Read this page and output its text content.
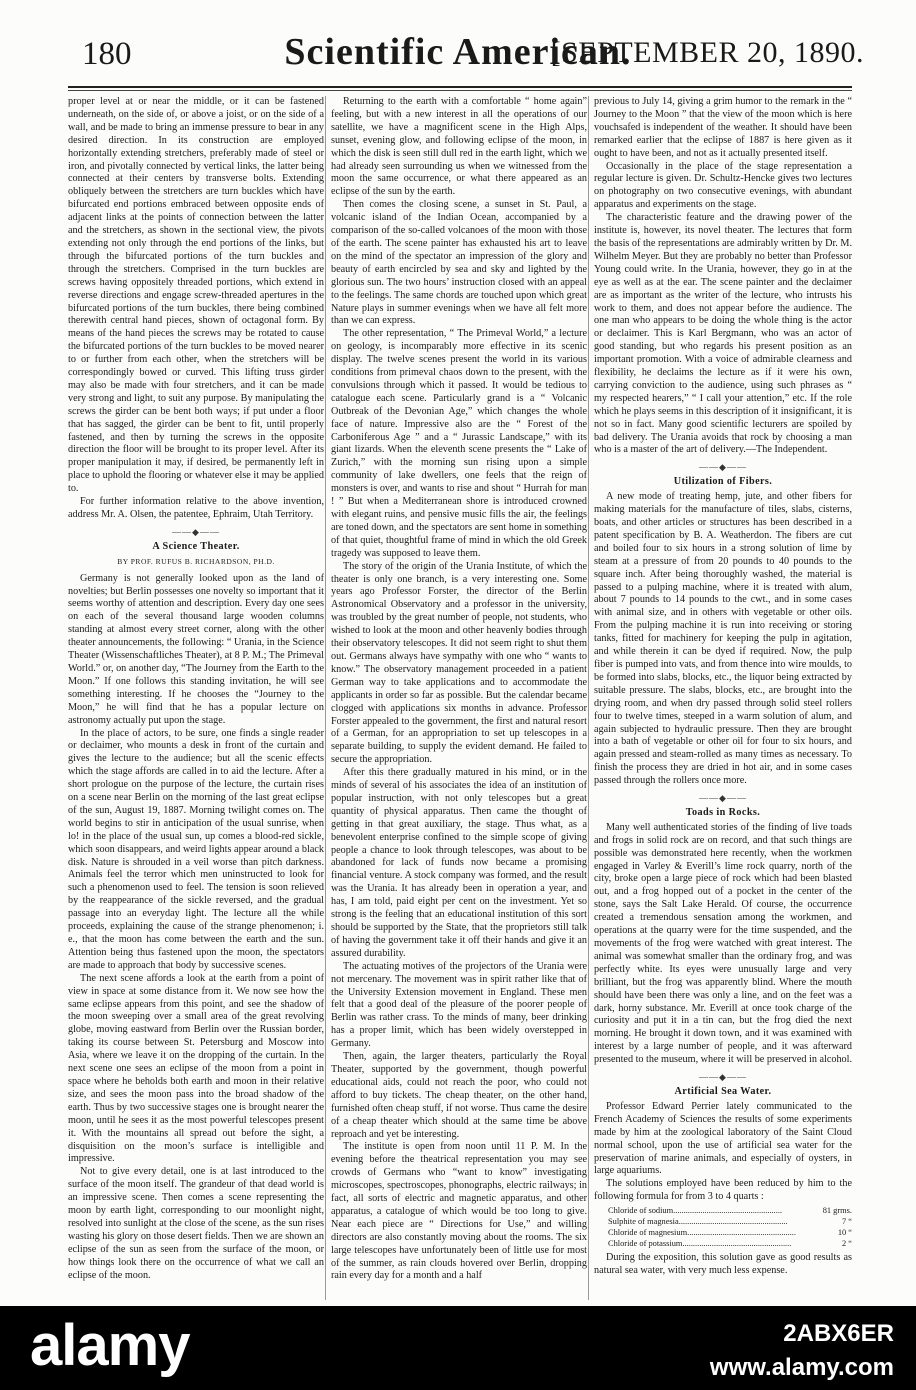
180	Scientific American.
[SEPTEMBER 20, 1890.

proper level at or near the middle, or it can be fastened underneath, on the side of, or above a joist, or on the side of a wall, and be made to bring an immense pressure to bear in any desired direction. In its construction are employed horizontally extending stretchers, preferably made of steel or iron, and pivotally connected by vertical links, the latter being connected at their centers by transverse bolts. Extending obliquely between the stretchers are turn buckles which have bifurcated end portions embraced between opposite ends of adjacent links at the points of connection between the latter and the stretchers, as shown in the sectional view, the pivots extending not only through the end portions of the links, but through the bifurcated portions of the turn buckles and through the stretchers. Comprised in the turn buckles are screws having oppositely threaded portions, which extend in reverse directions and engage screw-threaded apertures in the bifurcated portions of the turn buckles, there being combined therewith central hand pieces, shown of octagonal form. By means of the hand pieces the screws may be rotated to cause the bifurcated portions of the turn buckles to be moved nearer to or further from each other, when the stretchers will be correspondingly bowed or curved. This lifting truss girder may also be made with four stretchers, and it can be made very strong and light, to suit any purpose. By manipulating the screws the girder can be bent both ways; if put under a floor that has sagged, the girder can be bent to fit, until properly fastened, and then by turning the screws in the opposite direction the floor will be brought to its proper level. After its proper manipulation it may, if desired, be permanently left in place to uphold the flooring or whatever else it may be applied to.

For further information relative to the above invention, address Mr. A. Olsen, the patentee, Ephraim, Utah Territory.

——◆——
A Science Theater.
BY PROF. RUFUS B. RICHARDSON, PH.D.

Germany is not generally looked upon as the land of novelties; but Berlin possesses one novelty so important that it seems worthy of attention and description. Every day one sees on each of the several thousand large wooden columns standing at almost every street corner, along with the other theater announcements, the following: “ Urania, in the Science Theater (Wissenschaftliches Theater), at 8 P. M.; The Primeval World.” or, on another day, “The Journey from the Earth to the Moon.” If one follows this standing invitation, he will see something interesting. If he chooses the “Journey to the Moon,” he will find that he has a popular lecture on astronomy actually put upon the stage.

In the place of actors, to be sure, one finds a single reader or declaimer, who mounts a desk in front of the curtain and gives the lecture to the audience; but all the scenic effects which the stage affords are called in to aid the lecture. After a short prologue on the purpose of the lecture, the curtain rises on a scene near Berlin on the morning of the last great eclipse of the sun, August 19, 1887. Morning twilight comes on. The world begins to stir in anticipation of the usual sunrise, when lo! in the place of the usual sun, up comes a blood-red sickle, which soon disappears, and weird lights appear around a black disk. Nature is shrouded in a veil worse than pitch darkness. Animals feel the terror which men uninstructed to look for such a phenomenon used to feel. The tension is soon relieved by the reappearance of the sickle reversed, and the gradual passage into an everyday light. The lecture all the while proceeds, explaining the cause of the strange phenomenon; i. e., that the moon has come between the earth and the sun. Attention being thus fastened upon the moon, the spectators are made to approach that body by successive scenes.

The next scene affords a look at the earth from a point of view in space at some distance from it. We now see how the same eclipse appears from this point, and see the shadow of the moon sweeping over a small area of the great revolving globe, moving eastward from Berlin over the Russian border, taking its course between St. Petersburg and Moscow into Asia, where we leave it on the dropping of the curtain. In the next scene one sees an eclipse of the moon from a point in space where he beholds both earth and moon in their relative size, and sees the moon pass into the broad shadow of the earth. Thus by two successive stages one is brought nearer the moon, until he sees it as the most powerful telescopes present it. With the mountains all spread out before the sight, a disquisition on the moon’s surface is intelligible and impressive.

Not to give every detail, one is at last introduced to the surface of the moon itself. The grandeur of that dead world is an impressive scene. Then comes a scene representing the moon by earth light, corresponding to our moonlight night, resolved into sunlight at the close of the scene, as the sun rises wasting his glory on those desert fields. Then we are shown an eclipse of the sun as seen from the surface of the moon, or how things look there on the occurrence of what we call an eclipse of the moon.

Returning to the earth with a comfortable “ home again” feeling, but with a new interest in all the operations of our satellite, we have a magnificent scene in the High Alps, sunset, evening glow, and following eclipse of the moon, in which the disk is seen still dull red in the earth light, which we had already seen surrounding us when we witnessed from the moon the same occurrence, or what there appeared as an eclipse of the sun by the earth.

Then comes the closing scene, a sunset in St. Paul, a volcanic island of the Indian Ocean, accompanied by a comparison of the so-called volcanoes of the moon with those of the earth. The scene painter has exhausted his art to leave on the mind of the spectator an impression of the glory and beauty of earth encircled by sea and sky and lighted by the glorious sun. The two hours’ instruction closed with an appeal to the feelings. The same chords are touched upon which great Nature plays in summer evenings when we have all felt more than we can express.

The other representation, “ The Primeval World,” a lecture on geology, is incomparably more effective in its scenic display. The twelve scenes present the world in its various conditions from primeval chaos down to the present, with the convulsions through which it passed. It would be tedious to catalogue each scene. Particularly grand is a “ Volcanic Outbreak of the Devonian Age,” which changes the whole face of nature. Impressive also are the “ Forest of the Carboniferous Age ” and a “ Jurassic Landscape,” with its giant lizards. When the eleventh scene presents the “ Lake of Zurich,” with the morning sun rising upon a simple community of lake dwellers, one feels that the reign of monsters is over, and wants to rise and shout “ Hurrah for man ! ” But when a Mediterranean shore is introduced crowned with elegant ruins, and pensive music fills the air, the feelings are toned down, and the spectators are sent home in something of that quiet, thoughtful frame of mind in which the old Greek tragedy was supposed to leave them.

The story of the origin of the Urania Institute, of which the theater is only one branch, is a very interesting one. Some years ago Professor Forster, the director of the Berlin Astronomical Observatory and a professor in the university, was troubled by the great number of people, not students, who wished to look at the moon and other heavenly bodies through their observatory telescopes. It did not seem right to shut them out. Germans always have sympathy with one who “ wants to know.” The observatory management proceeded in a patient German way to take applications and to accommodate the applicants in order so far as possible. But the calendar became clogged with applications six months in advance. Professor Forster appealed to the government, the first and natural resort of a German, for an appropriation to set up telescopes in a separate building, to supply the evident demand. He failed to secure the appropriation.

After this there gradually matured in his mind, or in the minds of several of his associates the idea of an institution of popular instruction, with not only telescopes but a great quantity of physical apparatus. Then came the thought of getting in that great auxiliary, the stage. Thus what, as a benevolent enterprise confined to the simple scope of giving people a chance to look through telescopes, was about to be abandoned for lack of funds now became a promising financial venture. A stock company was formed, and the result was the Urania. It has already been in operation a year, and has, I am told, paid eight per cent on the investment. Yet so strong is the feeling that an educational institution of this sort should be supported by the State, that the proprietors still talk of having the government take it off their hands and give it an assured durability.

The actuating motives of the projectors of the Urania were not mercenary. The movement was in spirit rather like that of the University Extension movement in England. These men felt that a good deal of the pleasure of the poorer people of Berlin was rather crass. To the minds of many, beer drinking has a proper limit, which has been widely overstepped in Germany.

Then, again, the larger theaters, particularly the Royal Theater, supported by the government, though powerful educational aids, could not reach the poor, who could not afford to buy tickets. The cheap theater, on the other hand, furnished often cheap stuff, if not worse. Thus came the desire of a cheap theater which should at the same time be above reproach and yet be interesting.

The institute is open from noon until 11 P. M. In the evening before the theatrical representation you may see crowds of Germans who “want to know” investigating microscopes, spectroscopes, phonographs, electric railways; in fact, all sorts of electric and magnetic apparatus, and other apparatus, a catalogue of which would be too long to give. Near each piece are “ Directions for Use,” and willing directors are also constantly moving about the rooms. The six large telescopes have unfortunately been of little use for most of the summer, as rain clouds hovered over Berlin, dropping rain every day for a month and a half

previous to July 14, giving a grim humor to the remark in the “ Journey to the Moon ” that the view of the moon which is here vouchsafed is independent of the weather. It should have been remarked earlier that the eclipse of 1887 is here given as it ought to have been, and not as it actually presented itself.

Occasionally in the place of the stage representation a regular lecture is given. Dr. Schultz-Hencke gives two lectures on photography on two consecutive evenings, with abundant apparatus and experiments on the stage.

The characteristic feature and the drawing power of the institute is, however, its novel theater. The lectures that form the basis of the representations are admirably written by Dr. M. Wilhelm Meyer. But they are probably no better than Professor Young could write. In the Urania, however, they go in at the eye as well as at the ear. The scene painter and the declaimer are as important as the writer of the lecture, who intrusts his work to them, and does not appear before the audience. The one man who appears to be doing the whole thing is the actor or declaimer. This is Karl Bergmann, who was an actor of good standing, but who regards his present position as an important promotion. With a voice of admirable clearness and flexibility, he declaims the lecture as if it were his own, carrying conviction to the audience, using such phrases as “ my respected hearers,” “ I call your attention,” etc. If the role which he plays seems in this description of it insignificant, it is not so in fact. Many good scientific lecturers are spoiled by bad delivery. The Urania avoids that rock by choosing a man who is a master of the art of delivery.—The Independent.

——◆——
Utilization of Fibers.

A new mode of treating hemp, jute, and other fibers for making materials for the manufacture of tiles, slabs, cisterns, boats, and other articles or structures has been described in a patent specification by B. A. Weatherdon. The fibers are cut and boiled four to six hours in a strong solution of lime by steam at a pressure of from 20 pounds to 40 pounds to the square inch. After being thoroughly washed, the material is passed to a pulping machine, where it is treated with alum, about 7 pounds to 14 pounds to the cwt., and in some cases with animal size, and in others with vegetable or other oils. From the pulping machine it is run into receiving or storing tanks, fitted for machinery for keeping the pulp in agitation, and while therein it can be dyed if required. Now, the pulp fiber is pumped into vats, and from thence into wire moulds, to be formed into slabs, blocks, etc., the liquor being extracted by suitable pressure. The slabs, blocks, etc., are brought into the drying room, and when dry passed through solid steel rollers four to twelve times, steeped in a warm solution of alum, and again subjected to hydraulic pressure. Then they are brought into a bath of vegetable or other oil for four to six hours, and again pressed and steam-rolled as many times as necessary. To finish the process they are dried in hot air, and in some cases passed through the rollers once more.

——◆——
Toads in Rocks.

Many well authenticated stories of the finding of live toads and frogs in solid rock are on record, and that such things are possible was demonstrated here recently, when the workmen engaged in Varley & Everill’s lime rock quarry, north of the city, broke open a large piece of rock which had been blasted out, and a frog hopped out of a pocket in the center of the stone, says the Salt Lake Herald. Of course, the occurrence created a tremendous sensation among the workmen, and operations at the quarry were for the time suspended, and the movements of the frog were watched with great interest. The animal was somewhat smaller than the ordinary frog, and was perfectly white. Its eyes were unusually large and very brilliant, but the frog was apparently blind. Where the mouth should have been there was only a line, and on the feet was a dark, horny substance. Mr. Everill at once took charge of the curiosity and put it in a tin can, but the frog died the next morning. He brought it down town, and it was examined with interest by a large number of people, and it was afterward presented to the museum, where it will be preserved in alcohol.

——◆——
Artificial Sea Water.

Professor Edward Perrier lately communicated to the French Academy of Sciences the results of some experiments made by him at the zoological laboratory of the Saint Cloud normal school, upon the use of artificial sea water for the preservation of marine animals, and especially of oysters, in large aquariums.

The solutions employed have been reduced by him to the following formula for from 3 to 4 quarts :

Chloride of sodium ....................................................	81 grms.
Sulphite of magnesia ....................................................	7 “
Chloride of magnesium ....................................................	10 “
Chloride of potassium ....................................................	2 “

During the exposition, this solution gave as good results as natural sea water, with very much less expense.

alamy	2ABX6ER
www.alamy.com
